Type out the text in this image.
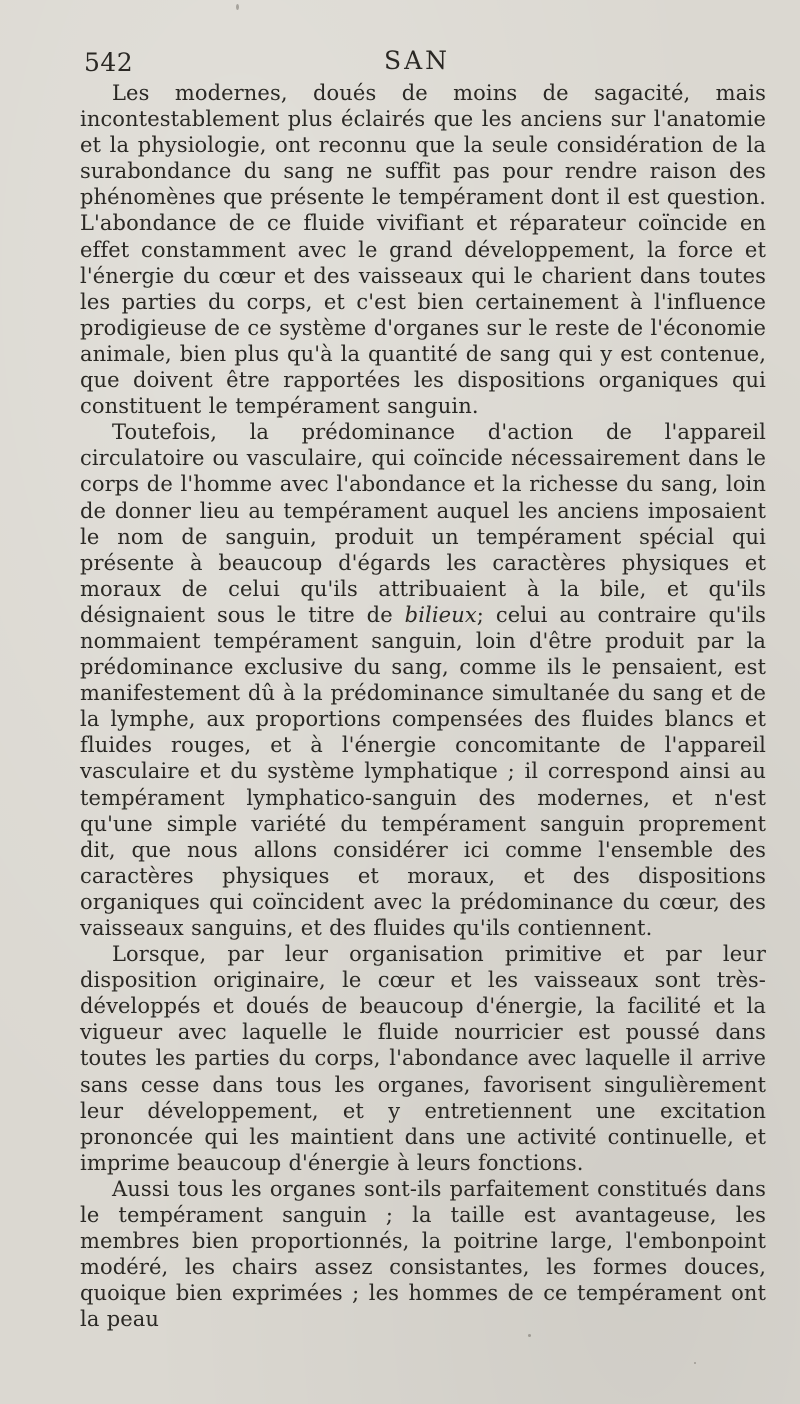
542	SAN

Les modernes, doués de moins de sagacité, mais incontestablement plus éclairés que les anciens sur l'anatomie et la physiologie, ont reconnu que la seule considération de la surabondance du sang ne suffit pas pour rendre raison des phénomènes que présente le tempérament dont il est question. L'abondance de ce fluide vivifiant et réparateur coïncide en effet constamment avec le grand développement, la force et l'énergie du cœur et des vaisseaux qui le charient dans toutes les parties du corps, et c'est bien certainement à l'influence prodigieuse de ce système d'organes sur le reste de l'économie animale, bien plus qu'à la quantité de sang qui y est contenue, que doivent être rapportées les dispositions organiques qui constituent le tempérament sanguin.

Toutefois, la prédominance d'action de l'appareil circulatoire ou vasculaire, qui coïncide nécessairement dans le corps de l'homme avec l'abondance et la richesse du sang, loin de donner lieu au tempérament auquel les anciens imposaient le nom de sanguin, produit un tempérament spécial qui présente à beaucoup d'égards les caractères physiques et moraux de celui qu'ils attribuaient à la bile, et qu'ils désignaient sous le titre de bilieux; celui au contraire qu'ils nommaient tempérament sanguin, loin d'être produit par la prédominance exclusive du sang, comme ils le pensaient, est manifestement dû à la prédominance simultanée du sang et de la lymphe, aux proportions compensées des fluides blancs et fluides rouges, et à l'énergie concomitante de l'appareil vasculaire et du système lymphatique ; il correspond ainsi au tempérament lymphatico-sanguin des modernes, et n'est qu'une simple variété du tempérament sanguin proprement dit, que nous allons considérer ici comme l'ensemble des caractères physiques et moraux, et des dispositions organiques qui coïncident avec la prédominance du cœur, des vaisseaux sanguins, et des fluides qu'ils contiennent.

Lorsque, par leur organisation primitive et par leur disposition originaire, le cœur et les vaisseaux sont très-développés et doués de beaucoup d'énergie, la facilité et la vigueur avec laquelle le fluide nourricier est poussé dans toutes les parties du corps, l'abondance avec laquelle il arrive sans cesse dans tous les organes, favorisent singulièrement leur développement, et y entretiennent une excitation prononcée qui les maintient dans une activité continuelle, et imprime beaucoup d'énergie à leurs fonctions.

Aussi tous les organes sont-ils parfaitement constitués dans le tempérament sanguin ; la taille est avantageuse, les membres bien proportionnés, la poitrine large, l'embonpoint modéré, les chairs assez consistantes, les formes douces, quoique bien exprimées ; les hommes de ce tempérament ont la peau
